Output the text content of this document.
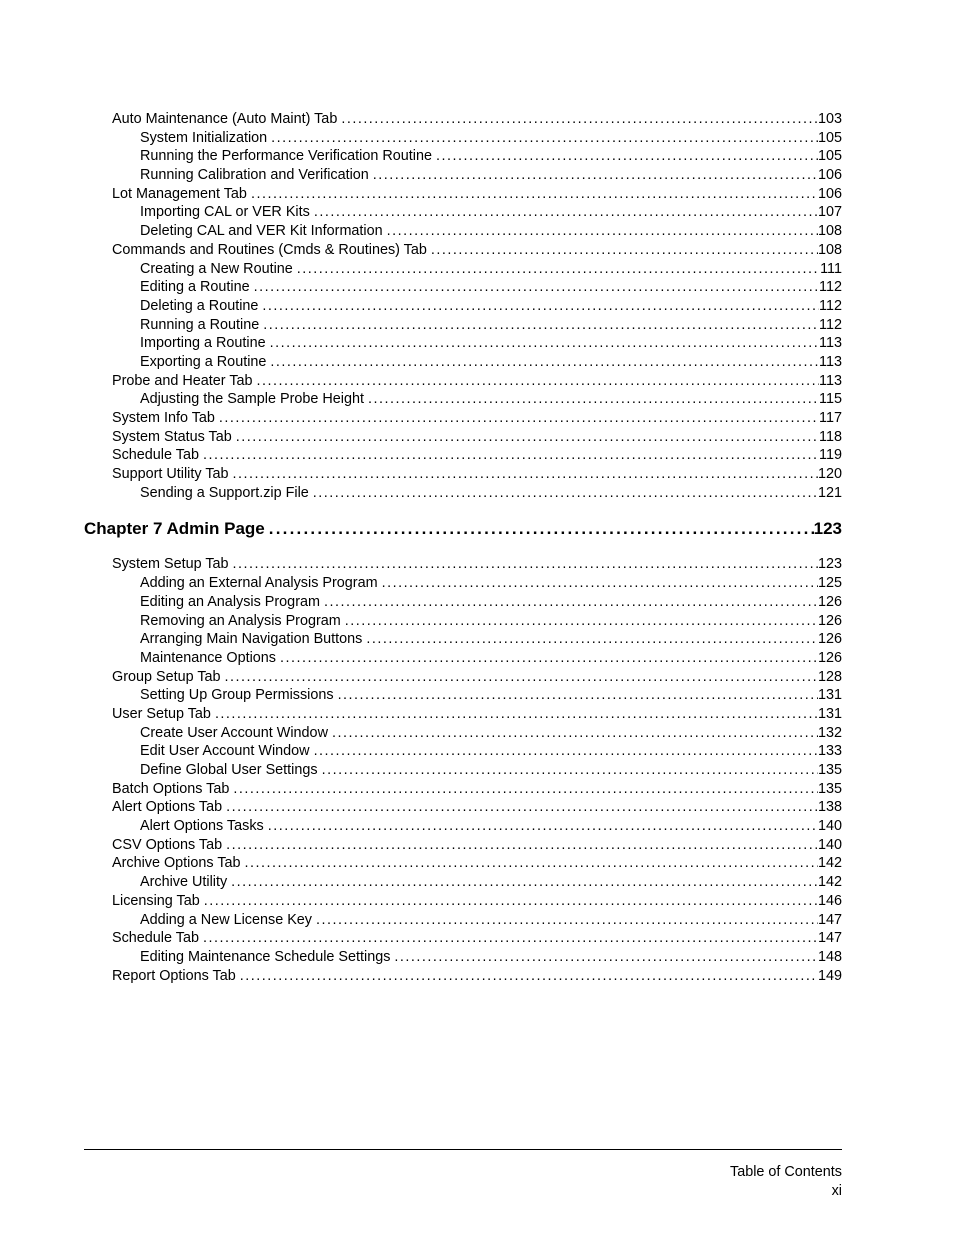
Auto Maintenance (Auto Maint) Tab . . .	103
System Initialization . . .	105
Running the Performance Verification Routine . . .	105
Running Calibration and Verification . . .	106
Lot Management Tab . . .	106
Importing CAL or VER Kits . . .	107
Deleting CAL and VER Kit Information . . .	108
Commands and Routines (Cmds & Routines) Tab . . .	108
Creating a New Routine . . .	111
Editing a Routine . . .	112
Deleting a Routine . . .	112
Running a Routine . . .	112
Importing a Routine . . .	113
Exporting a Routine . . .	113
Probe and Heater Tab . . .	113
Adjusting the Sample Probe Height . . .	115
System Info Tab . . .	117
System Status Tab . . .	118
Schedule Tab . . .	119
Support Utility Tab . . .	120
Sending a Support.zip File . . .	121
Chapter 7 Admin Page . . .	123
System Setup Tab . . .	123
Adding an External Analysis Program . . .	125
Editing an Analysis Program . . .	126
Removing an Analysis Program . . .	126
Arranging Main Navigation Buttons . . .	126
Maintenance Options . . .	126
Group Setup Tab . . .	128
Setting Up Group Permissions . . .	131
User Setup Tab . . .	131
Create User Account Window . . .	132
Edit User Account Window . . .	133
Define Global User Settings . . .	135
Batch Options Tab . . .	135
Alert Options Tab . . .	138
Alert Options Tasks . . .	140
CSV Options Tab . . .	140
Archive Options Tab . . .	142
Archive Utility . . .	142
Licensing Tab . . .	146
Adding a New License Key . . .	147
Schedule Tab . . .	147
Editing Maintenance Schedule Settings . . .	148
Report Options Tab . . .	149
Table of Contents
xi
